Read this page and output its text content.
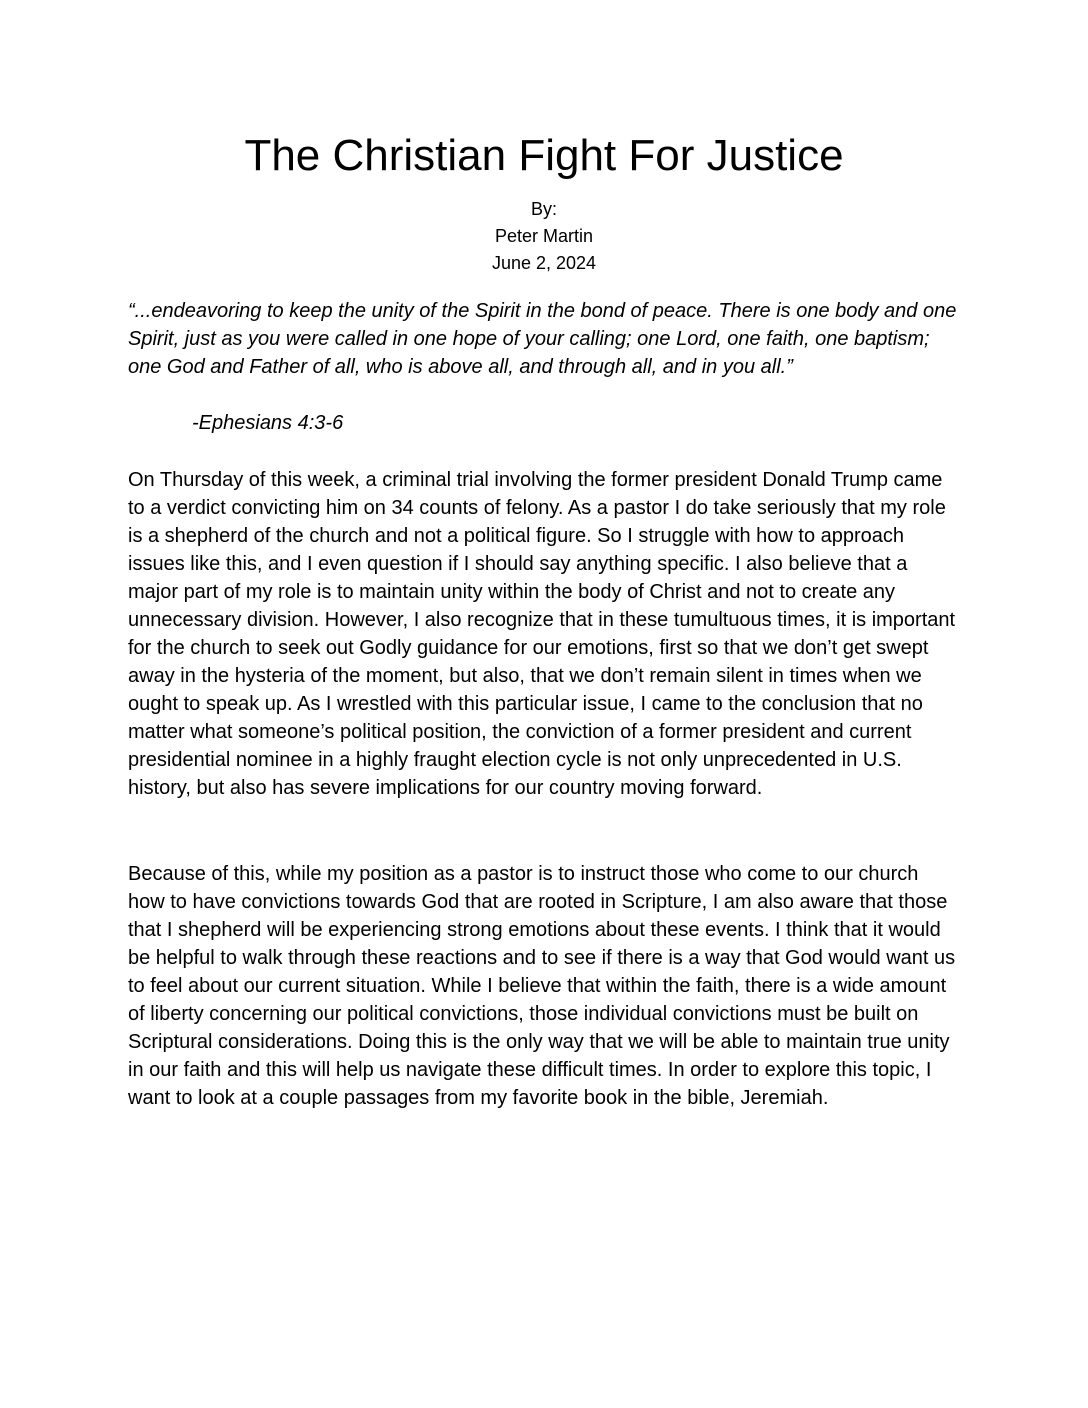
The Christian Fight For Justice
By:
Peter Martin
June 2, 2024

“...endeavoring to keep the unity of the Spirit in the bond of peace. There is one body and one Spirit, just as you were called in one hope of your calling; one Lord, one faith, one baptism; one God and Father of all, who is above all, and through all, and in you all.”

-Ephesians 4:3-6

On Thursday of this week, a criminal trial involving the former president Donald Trump came to a verdict convicting him on 34 counts of felony. As a pastor I do take seriously that my role is a shepherd of the church and not a political figure. So I struggle with how to approach issues like this, and I even question if I should say anything specific. I also believe that a major part of my role is to maintain unity within the body of Christ and not to create any unnecessary division. However, I also recognize that in these tumultuous times, it is important for the church to seek out Godly guidance for our emotions, first so that we don’t get swept away in the hysteria of the moment, but also, that we don’t remain silent in times when we ought to speak up. As I wrestled with this particular issue, I came to the conclusion that no matter what someone’s political position, the conviction of a former president and current presidential nominee in a highly fraught election cycle is not only unprecedented in U.S. history, but also has severe implications for our country moving forward.

Because of this, while my position as a pastor is to instruct those who come to our church how to have convictions towards God that are rooted in Scripture, I am also aware that those that I shepherd will be experiencing strong emotions about these events. I think that it would be helpful to walk through these reactions and to see if there is a way that God would want us to feel about our current situation. While I believe that within the faith, there is a wide amount of liberty concerning our political convictions, those individual convictions must be built on Scriptural considerations. Doing this is the only way that we will be able to maintain true unity in our faith and this will help us navigate these difficult times. In order to explore this topic, I want to look at a couple passages from my favorite book in the bible, Jeremiah.
